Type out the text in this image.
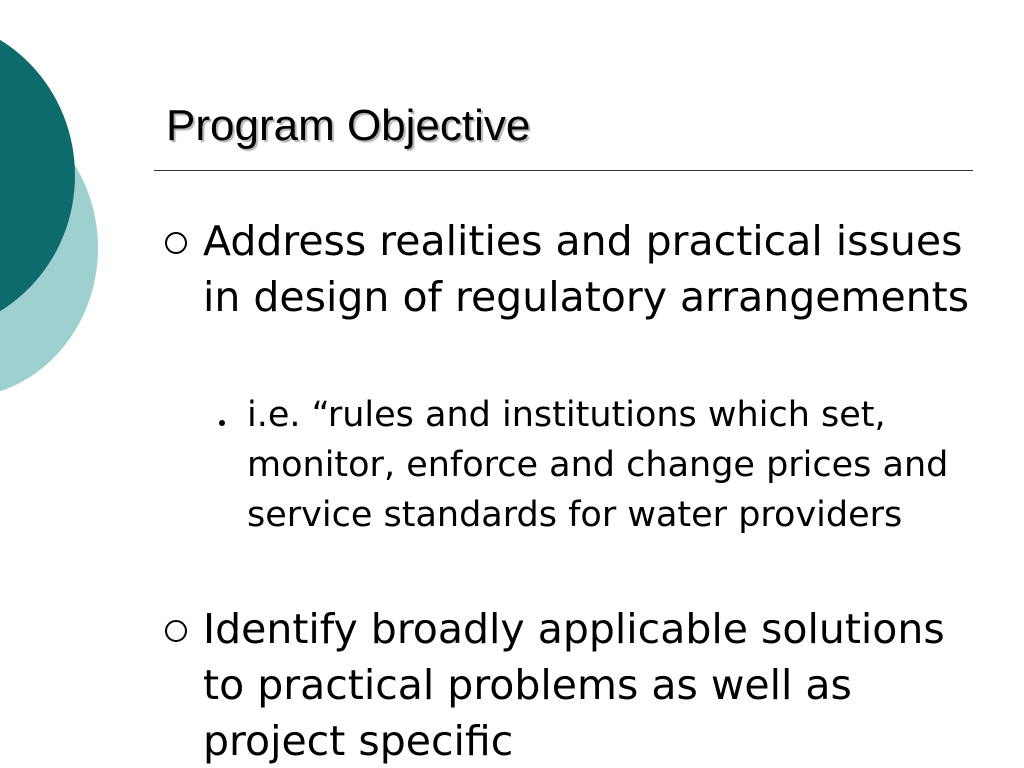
Program Objective

Address realities and practical issues in design of regulatory arrangements

i.e. “rules and institutions which set, monitor, enforce and change prices and service standards for water providers

Identify broadly applicable solutions to practical problems as well as project specific
